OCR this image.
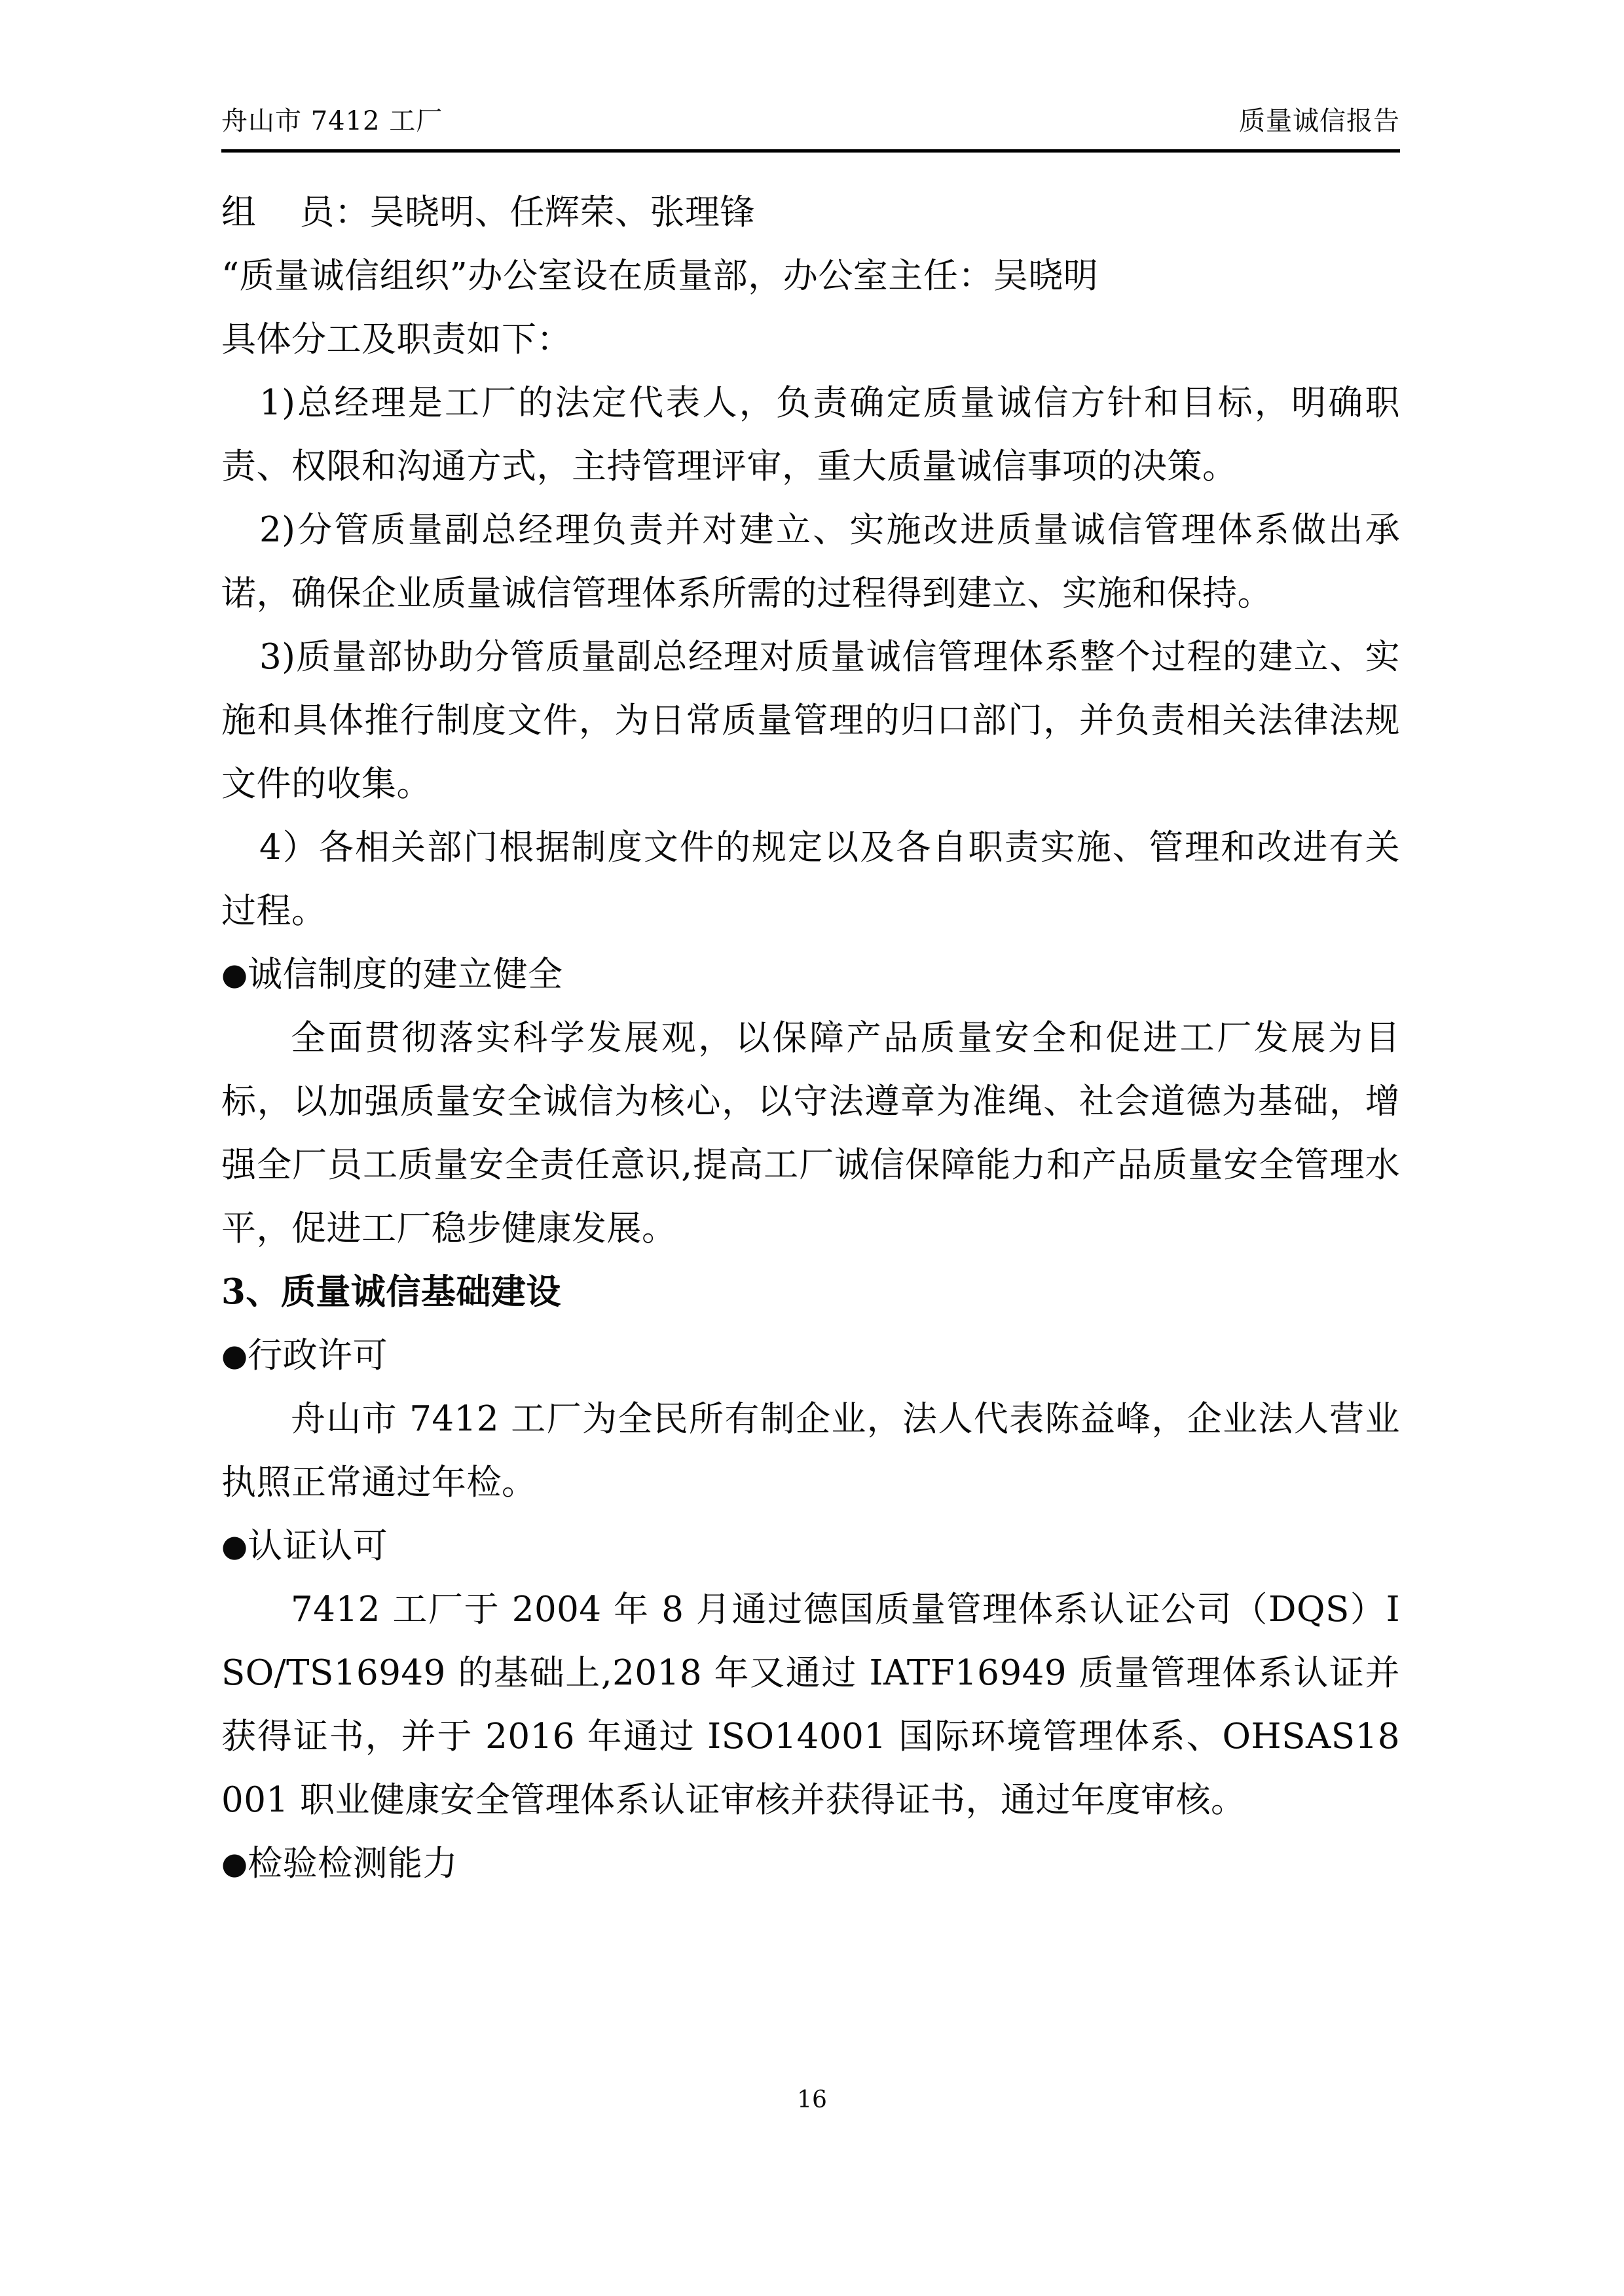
舟山市 7412 工厂	质量诚信报告

组 员：吴晓明、任辉荣、张理锋

“质量诚信组织”办公室设在质量部，办公室主任：吴晓明

具体分工及职责如下：

1)总经理是工厂的法定代表人，负责确定质量诚信方针和目标，明确职责、权限和沟通方式，主持管理评审，重大质量诚信事项的决策。

2)分管质量副总经理负责并对建立、实施改进质量诚信管理体系做出承诺，确保企业质量诚信管理体系所需的过程得到建立、实施和保持。

3)质量部协助分管质量副总经理对质量诚信管理体系整个过程的建立、实施和具体推行制度文件，为日常质量管理的归口部门，并负责相关法律法规文件的收集。

4）各相关部门根据制度文件的规定以及各自职责实施、管理和改进有关过程。

●诚信制度的建立健全

全面贯彻落实科学发展观，以保障产品质量安全和促进工厂发展为目标，以加强质量安全诚信为核心，以守法遵章为准绳、社会道德为基础，增强全厂员工质量安全责任意识,提高工厂诚信保障能力和产品质量安全管理水平，促进工厂稳步健康发展。

3、质量诚信基础建设

●行政许可

舟山市 7412 工厂为全民所有制企业，法人代表陈益峰，企业法人营业执照正常通过年检。

●认证认可

7412 工厂于 2004 年 8 月通过德国质量管理体系认证公司（DQS）ISO/TS16949 的基础上,2018 年又通过 IATF16949 质量管理体系认证并获得证书，并于 2016 年通过 ISO14001 国际环境管理体系、OHSAS18001 职业健康安全管理体系认证审核并获得证书，通过年度审核。

●检验检测能力

16
